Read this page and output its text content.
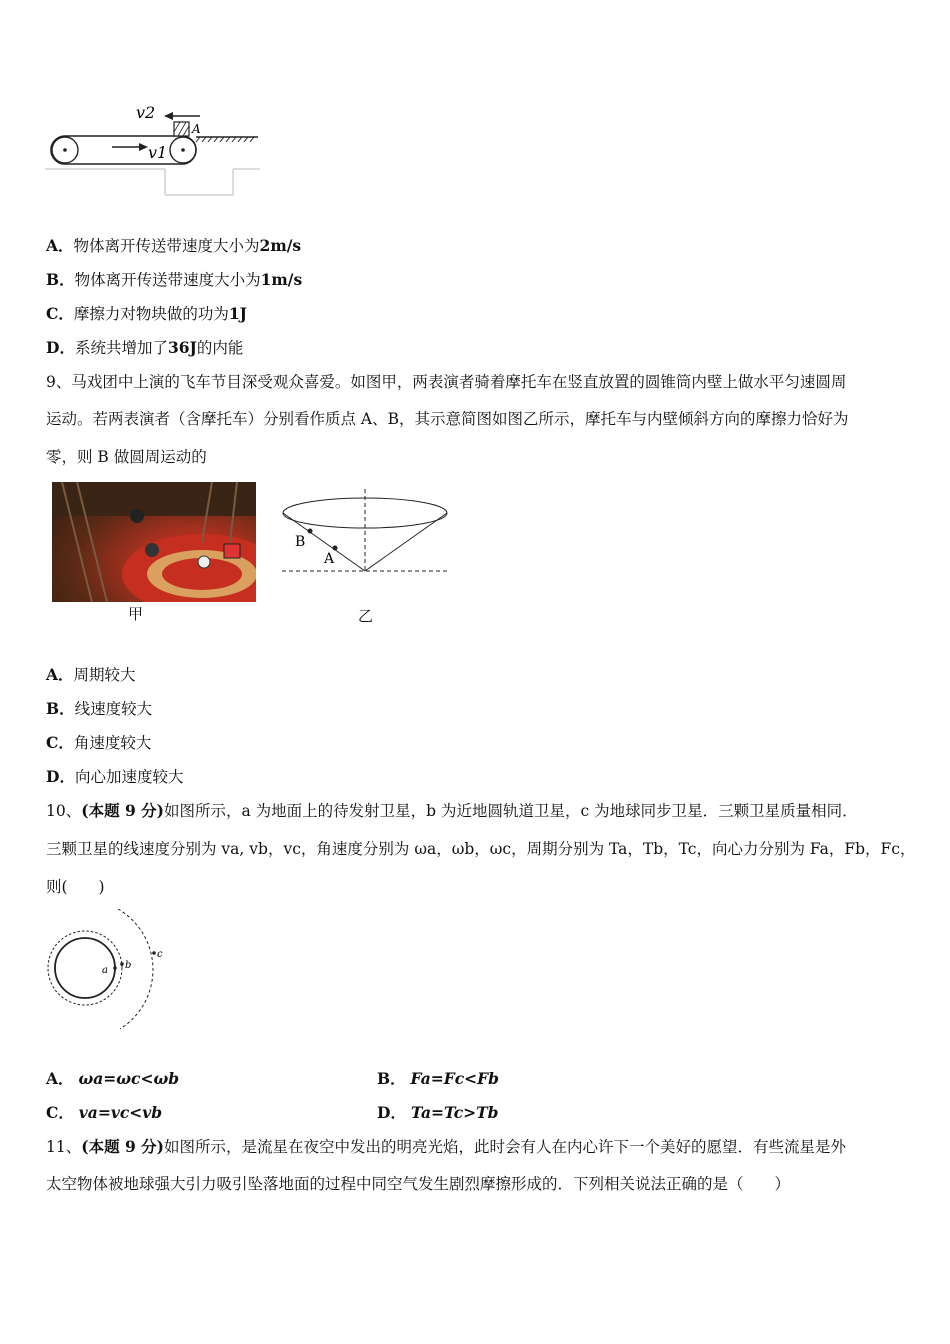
A
v2
v1
A．物体离开传送带速度大小为2m/s
B．物体离开传送带速度大小为1m/s
C．摩擦力对物块做的功为1J
D．系统共增加了36J的内能
9、马戏团中上演的飞车节目深受观众喜爱。如图甲，两表演者骑着摩托车在竖直放置的圆锥筒内壁上做水平匀速圆周
运动。若两表演者（含摩托车）分别看作质点 A、B，其示意简图如图乙所示，摩托车与内壁倾斜方向的摩擦力恰好为
零，则 B 做圆周运动的
甲
B
A
乙
A．周期较大
B．线速度较大
C．角速度较大
D．向心加速度较大
10、(本题 9 分)如图所示，a 为地面上的待发射卫星，b 为近地圆轨道卫星，c 为地球同步卫星．三颗卫星质量相同．
三颗卫星的线速度分别为 va, vb，vc，角速度分别为 ωa，ωb，ωc，周期分别为 Ta，Tb，Tc，向心力分别为 Fa，Fb，Fc，
则(　　)
a b
c
A． ωa=ωc<ωb	B． Fa=Fc<Fb
C． va=vc<vb	D． Ta=Tc>Tb
11、(本题 9 分)如图所示，是流星在夜空中发出的明亮光焰，此时会有人在内心许下一个美好的愿望．有些流星是外
太空物体被地球强大引力吸引坠落地面的过程中同空气发生剧烈摩擦形成的．下列相关说法正确的是（　　）
